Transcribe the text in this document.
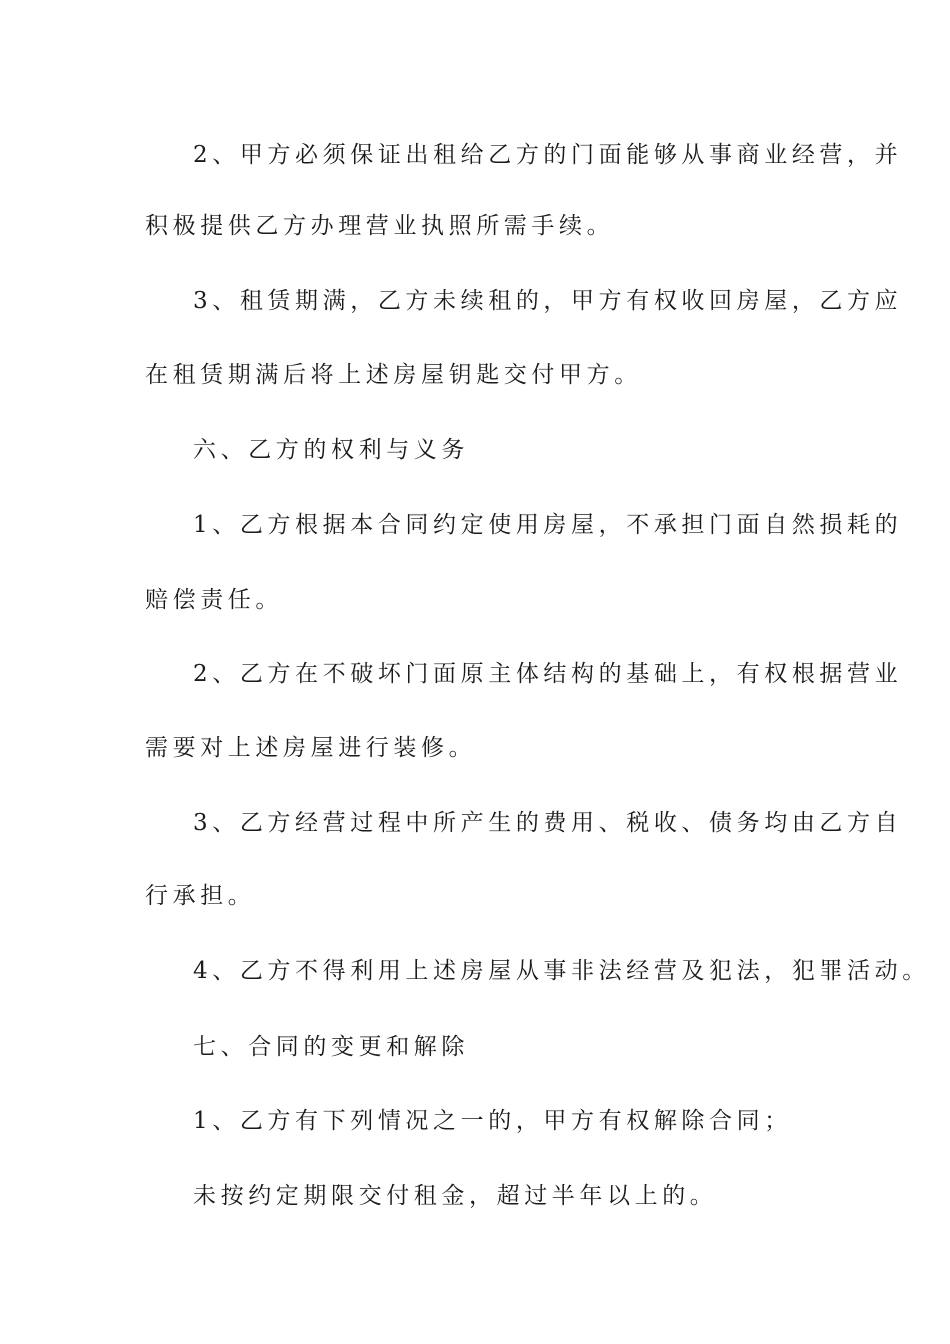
2、甲方必须保证出租给乙方的门面能够从事商业经营，并
积极提供乙方办理营业执照所需手续。
3、租赁期满，乙方未续租的，甲方有权收回房屋，乙方应
在租赁期满后将上述房屋钥匙交付甲方。
六、乙方的权利与义务
1、乙方根据本合同约定使用房屋，不承担门面自然损耗的
赔偿责任。
2、乙方在不破坏门面原主体结构的基础上，有权根据营业
需要对上述房屋进行装修。
3、乙方经营过程中所产生的费用、税收、债务均由乙方自
行承担。
4、乙方不得利用上述房屋从事非法经营及犯法，犯罪活动。
七、合同的变更和解除
1、乙方有下列情况之一的，甲方有权解除合同；
未按约定期限交付租金，超过半年以上的。
